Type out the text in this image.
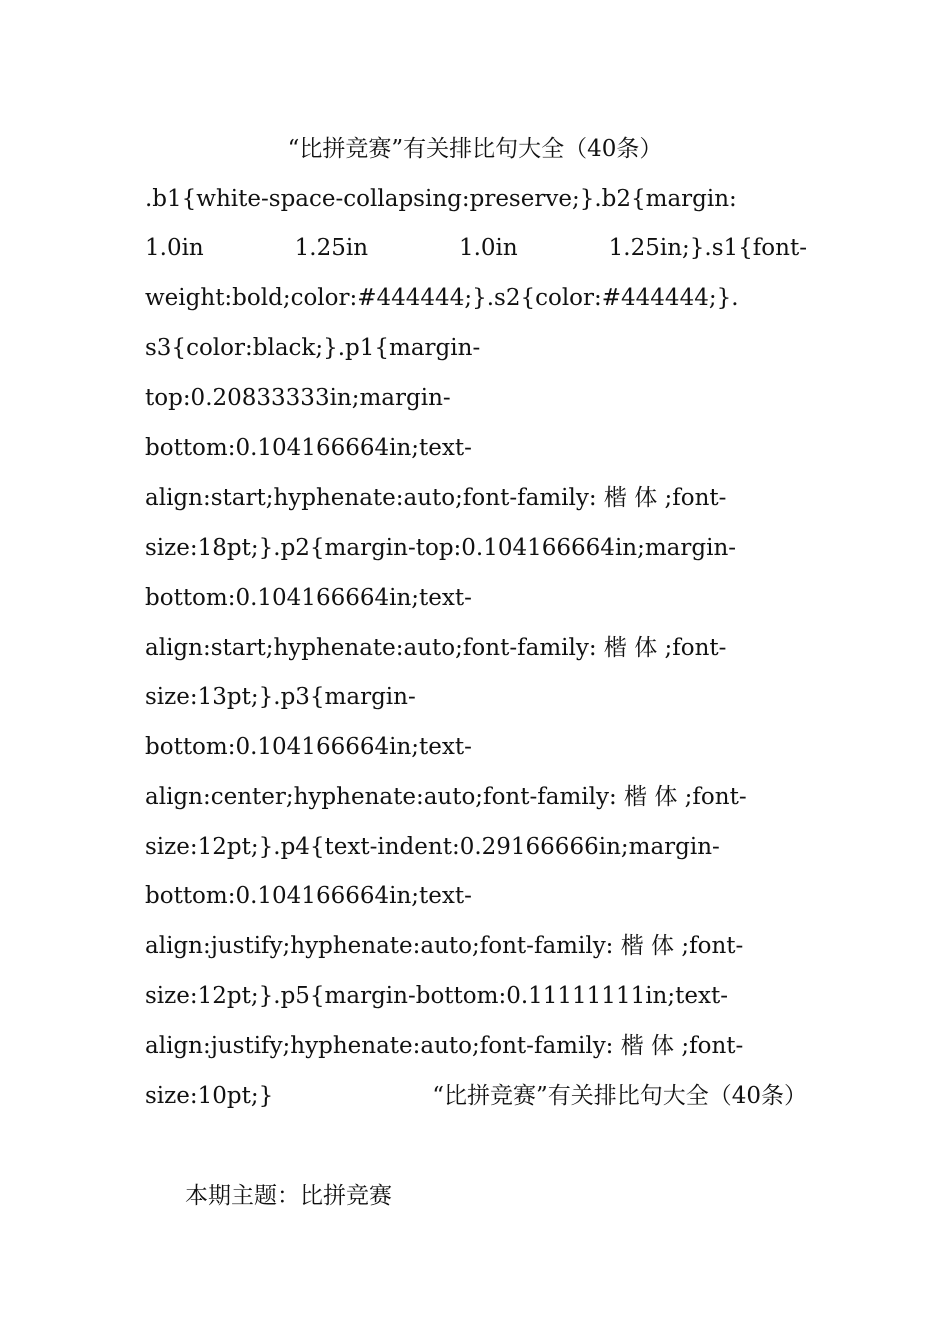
“比拼竞赛”有关排比句大全（40条）
.b1{white-space-collapsing:preserve;}.b2{margin:
1.0in	1.25in	1.0in	1.25in;}.s1{font-
weight:bold;color:#444444;}.s2{color:#444444;}.
s3{color:black;}.p1{margin-
top:0.20833333in;margin-
bottom:0.104166664in;text-
align:start;hyphenate:auto;font-family: 楷 体 ;font-
size:18pt;}.p2{margin-top:0.104166664in;margin-
bottom:0.104166664in;text-
align:start;hyphenate:auto;font-family: 楷 体 ;font-
size:13pt;}.p3{margin-
bottom:0.104166664in;text-
align:center;hyphenate:auto;font-family: 楷 体 ;font-
size:12pt;}.p4{text-indent:0.29166666in;margin-
bottom:0.104166664in;text-
align:justify;hyphenate:auto;font-family: 楷 体 ;font-
size:12pt;}.p5{margin-bottom:0.11111111in;text-
align:justify;hyphenate:auto;font-family: 楷 体 ;font-
size:10pt;}	“比拼竞赛”有关排比句大全（40条）
本期主题：比拼竞赛
